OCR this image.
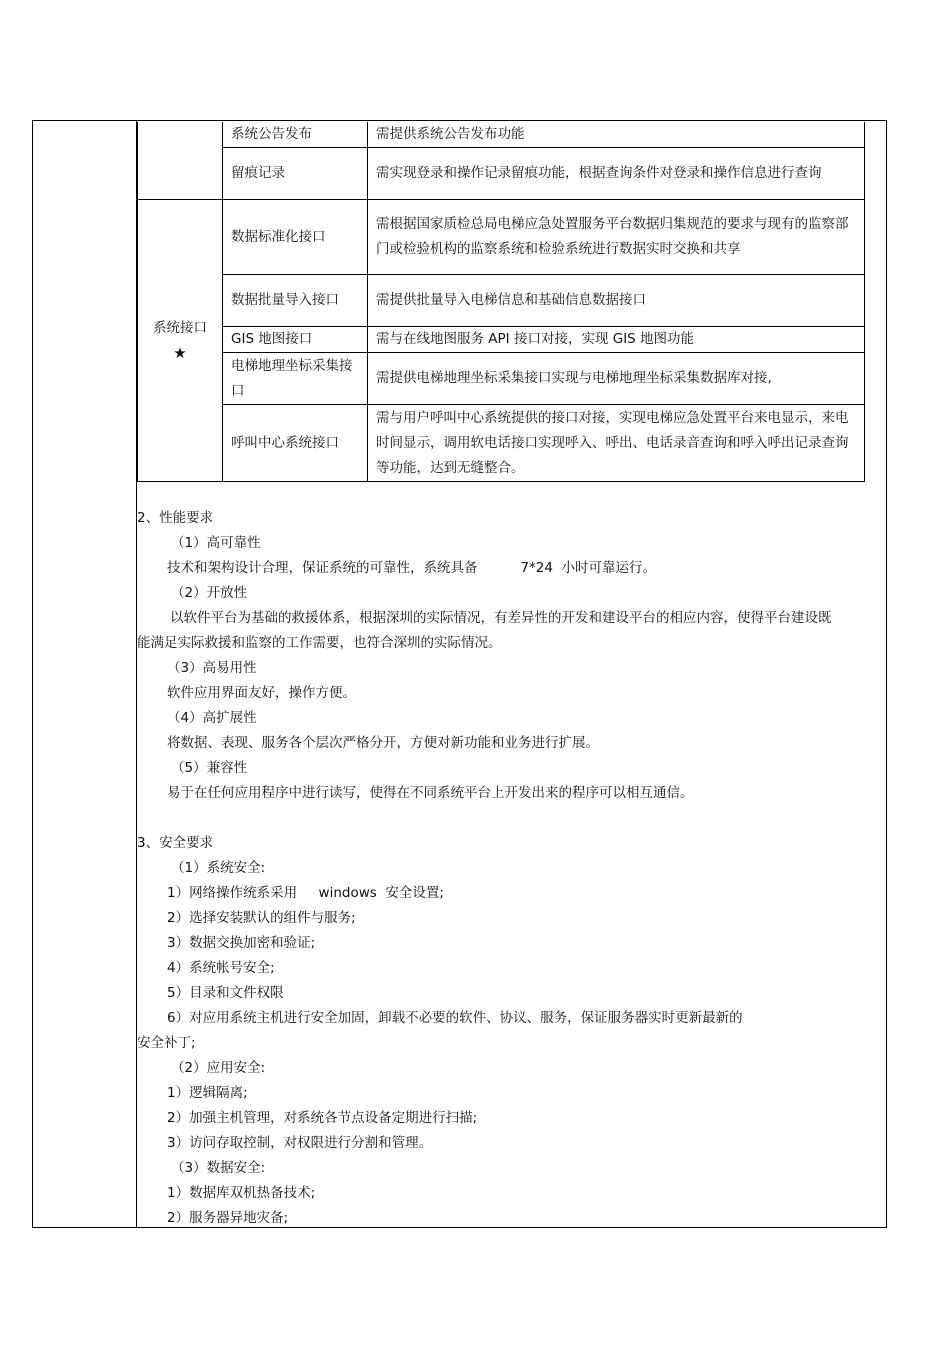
	系统公告发布	需提供系统公告发布功能
	留痕记录	需实现登录和操作记录留痕功能，根据查询条件对登录和操作信息进行查询
系统接口
★	数据标准化接口	需根据国家质检总局电梯应急处置服务平台数据归集规范的要求与现有的监察部门或检验机构的监察系统和检验系统进行数据实时交换和共享
	数据批量导入接口	需提供批量导入电梯信息和基础信息数据接口
	GIS 地图接口	需与在线地图服务 API 接口对接，实现 GIS 地图功能
	电梯地理坐标采集接口	需提供电梯地理坐标采集接口实现与电梯地理坐标采集数据库对接,
	呼叫中心系统接口	需与用户呼叫中心系统提供的接口对接，实现电梯应急处置平台来电显示，来电时间显示，调用软电话接口实现呼入、呼出、电话录音查询和呼入呼出记录查询等功能，达到无缝整合。

2、性能要求

（1）高可靠性

技术和架构设计合理，保证系统的可靠性，系统具备          7*24  小时可靠运行。

（2）开放性

以软件平台为基础的救援体系，根据深圳的实际情况，有差异性的开发和建设平台的相应内容，使得平台建设既能满足实际救援和监察的工作需要，也符合深圳的实际情况。

（3）高易用性

软件应用界面友好，操作方便。

（4）高扩展性

将数据、表现、服务各个层次严格分开，方便对新功能和业务进行扩展。

（5）兼容性

易于在任何应用程序中进行读写，使得在不同系统平台上开发出来的程序可以相互通信。

3、安全要求

（1）系统安全:

1）网络操作统系采用     windows  安全设置;

2）选择安装默认的组件与服务;

3）数据交换加密和验证;

4）系统帐号安全;

5）目录和文件权限

6）对应用系统主机进行安全加固，卸载不必要的软件、协议、服务，保证服务器实时更新最新的

安全补丁;

（2）应用安全:

1）逻辑隔离;

2）加强主机管理，对系统各节点设备定期进行扫描;

3）访问存取控制，对权限进行分割和管理。

（3）数据安全:

1）数据库双机热备技术;

2）服务器异地灾备;
